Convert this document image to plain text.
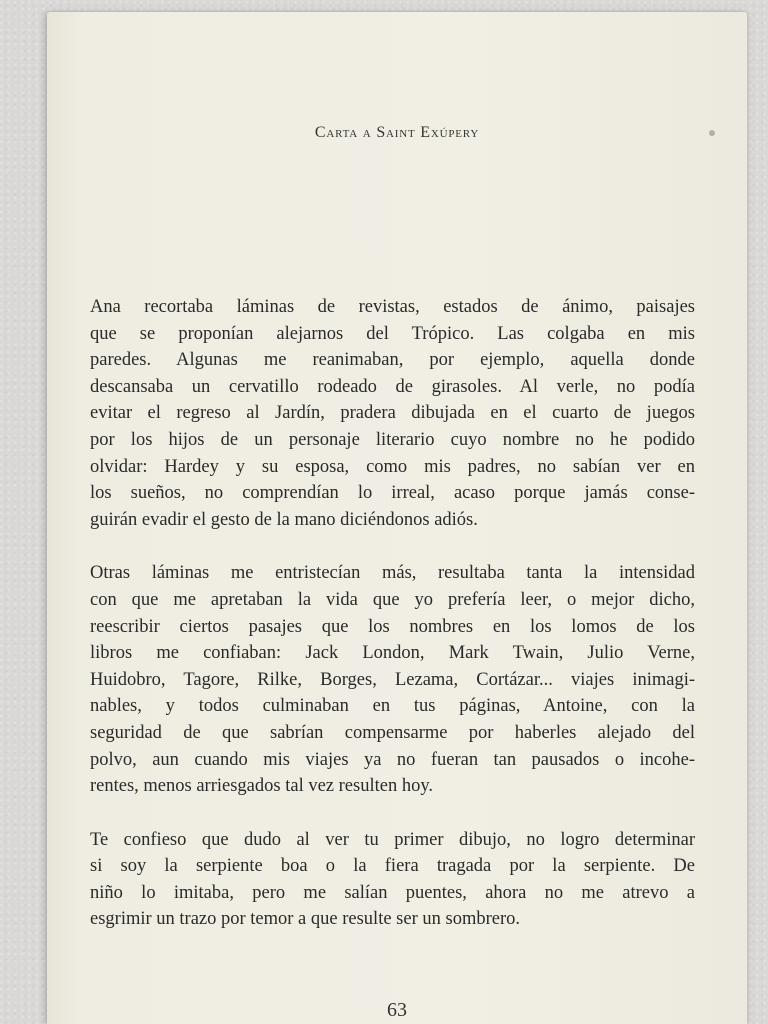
Carta a Saint Exúpery

Ana recortaba láminas de revistas, estados de ánimo, paisajes
que se proponían alejarnos del Trópico. Las colgaba en mis
paredes. Algunas me reanimaban, por ejemplo, aquella donde
descansaba un cervatillo rodeado de girasoles. Al verle, no podía
evitar el regreso al Jardín, pradera dibujada en el cuarto de juegos
por los hijos de un personaje literario cuyo nombre no he podido
olvidar: Hardey y su esposa, como mis padres, no sabían ver en
los sueños, no comprendían lo irreal, acaso porque jamás conse-
guirán evadir el gesto de la mano diciéndonos adiós.

Otras láminas me entristecían más, resultaba tanta la intensidad
con que me apretaban la vida que yo prefería leer, o mejor dicho,
reescribir ciertos pasajes que los nombres en los lomos de los
libros me confiaban: Jack London, Mark Twain, Julio Verne,
Huidobro, Tagore, Rilke, Borges, Lezama, Cortázar... viajes inimagi-
nables, y todos culminaban en tus páginas, Antoine, con la
seguridad de que sabrían compensarme por haberles alejado del
polvo, aun cuando mis viajes ya no fueran tan pausados o incohe-
rentes, menos arriesgados tal vez resulten hoy.

Te confieso que dudo al ver tu primer dibujo, no logro determinar
si soy la serpiente boa o la fiera tragada por la serpiente. De
niño lo imitaba, pero me salían puentes, ahora no me atrevo a
esgrimir un trazo por temor a que resulte ser un sombrero.

63
